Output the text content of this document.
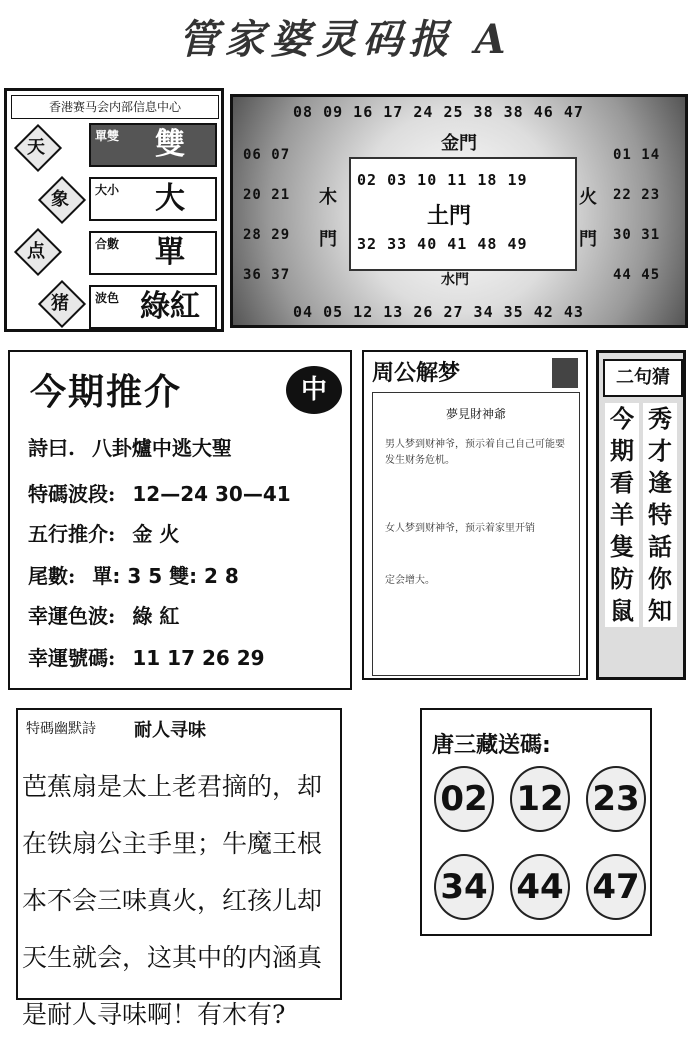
管家婆灵码报 A
香港赛马会内部信息中心
單雙	雙
大小	大
合數	單
波色 綠紅
天
象
点
猪
08 09 16 17 24 25 38 38 46 47
金門
02 03 10 11 18 19
土門
32 33 40 41 48 49
06 07
20 21
28 29
36 37
木
門
01 14
22 23
30 31
44 45
火
門
水門
04 05 12 13 26 27 34 35 42 43
今期推介	中
詩曰. 八卦爐中逃大聖
特碼波段: 12—24 30—41
五行推介: 金 火
尾數: 單: 3 5 雙: 2 8
幸運色波: 綠 紅
幸運號碼: 11 17 26 29
周公解梦
夢見財神爺
男人梦到财神爷，预示着自己自己可能要发生财务危机。
女人梦到财神爷，预示着家里开销
定会增大。
二句猜
秀才逢特話你知
今期看羊隻防鼠
特碼幽默詩 耐人寻味
芭蕉扇是太上老君摘的，却在铁扇公主手里；牛魔王根本不会三味真火，红孩儿却天生就会，这其中的内涵真是耐人寻味啊！有木有?
唐三藏送碼:
02 12 23
34 44 47
